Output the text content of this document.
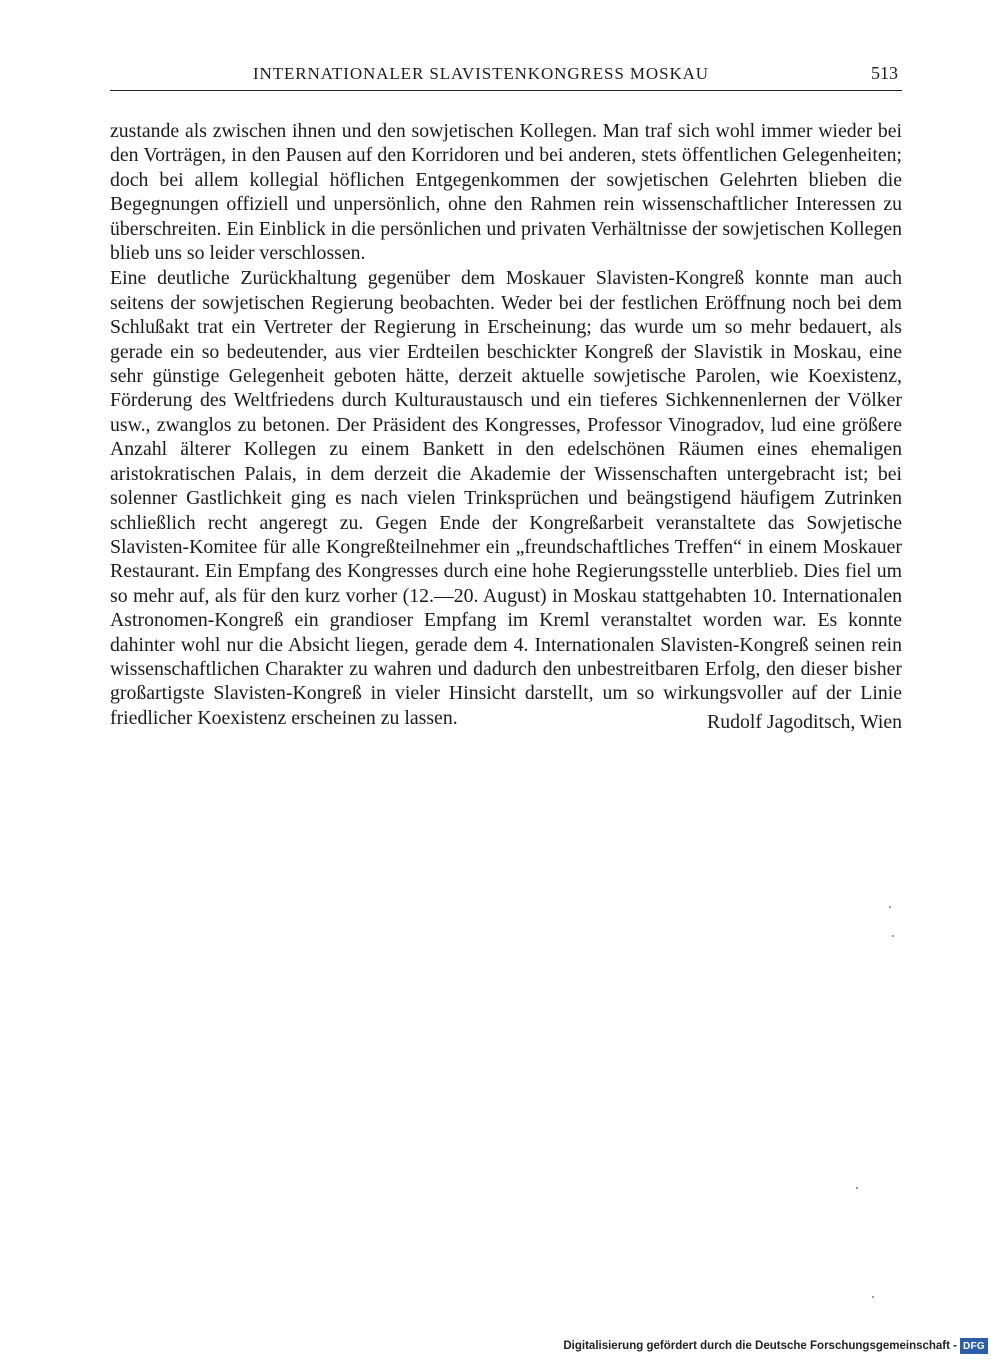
INTERNATIONALER SLAVISTENKONGRESS MOSKAU	513

zustande als zwischen ihnen und den sowjetischen Kollegen. Man traf sich wohl immer wieder bei den Vorträgen, in den Pausen auf den Korridoren und bei anderen, stets öffentlichen Gelegenheiten; doch bei allem kollegial höflichen Entgegenkommen der sowjetischen Gelehrten blieben die Begegnungen offiziell und unpersönlich, ohne den Rahmen rein wissenschaftlicher Interessen zu überschreiten. Ein Einblick in die persönlichen und privaten Verhältnisse der sowjetischen Kollegen blieb uns so leider verschlossen.

Eine deutliche Zurückhaltung gegenüber dem Moskauer Slavisten-Kongreß konnte man auch seitens der sowjetischen Regierung beobachten. Weder bei der festlichen Eröffnung noch bei dem Schlußakt trat ein Vertreter der Regierung in Erscheinung; das wurde um so mehr bedauert, als gerade ein so bedeutender, aus vier Erdteilen beschickter Kongreß der Slavistik in Moskau, eine sehr günstige Gelegenheit geboten hätte, derzeit aktuelle sowjetische Parolen, wie Koexistenz, Förderung des Weltfriedens durch Kulturaustausch und ein tieferes Sichkennenlernen der Völker usw., zwanglos zu betonen. Der Präsident des Kongresses, Professor Vinogradov, lud eine größere Anzahl älterer Kollegen zu einem Bankett in den edelschönen Räumen eines ehemaligen aristokratischen Palais, in dem derzeit die Akademie der Wissenschaften untergebracht ist; bei solenner Gastlichkeit ging es nach vielen Trinksprüchen und beängstigend häufigem Zutrinken schließlich recht angeregt zu. Gegen Ende der Kongreßarbeit veranstaltete das Sowjetische Slavisten-Komitee für alle Kongreßteilnehmer ein „freundschaftliches Treffen“ in einem Moskauer Restaurant. Ein Empfang des Kongresses durch eine hohe Regierungsstelle unterblieb. Dies fiel um so mehr auf, als für den kurz vorher (12.—20. August) in Moskau stattgehabten 10. Internationalen Astronomen-Kongreß ein grandioser Empfang im Kreml veranstaltet worden war. Es konnte dahinter wohl nur die Absicht liegen, gerade dem 4. Internationalen Slavisten-Kongreß seinen rein wissenschaftlichen Charakter zu wahren und dadurch den unbestreitbaren Erfolg, den dieser bisher großartigste Slavisten-Kongreß in vieler Hinsicht darstellt, um so wirkungsvoller auf der Linie friedlicher Koexistenz erscheinen zu lassen.	Rudolf Jagoditsch, Wien

Digitalisierung gefördert durch die Deutsche Forschungsgemeinschaft - DFG
